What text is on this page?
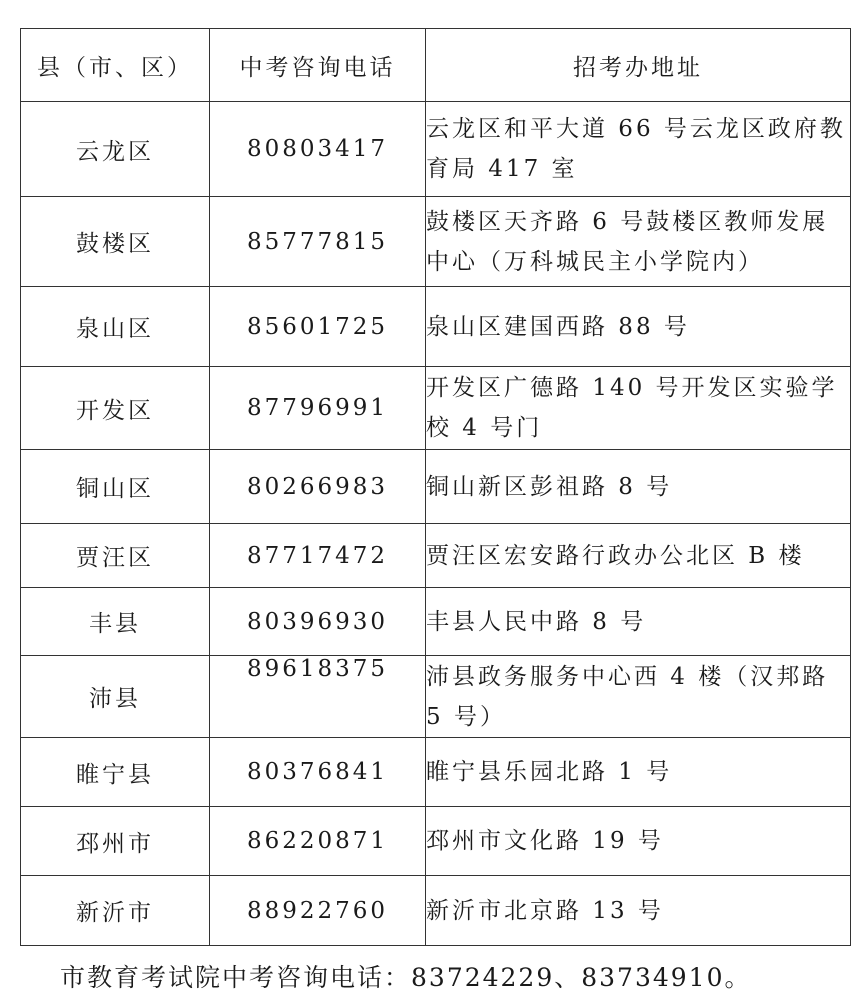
县（市、区）	中考咨询电话	招考办地址
云龙区	80803417	云龙区和平大道 66 号云龙区政府教育局 417 室
鼓楼区	85777815	鼓楼区天齐路 6 号鼓楼区教师发展中心（万科城民主小学院内）
泉山区	85601725	泉山区建国西路 88 号
开发区	87796991	开发区广德路 140 号开发区实验学校 4 号门
铜山区	80266983	铜山新区彭祖路 8 号
贾汪区	87717472	贾汪区宏安路行政办公北区 B 楼
丰县	80396930	丰县人民中路 8 号
沛县	89618375	沛县政务服务中心西 4 楼（汉邦路 5 号）
睢宁县	80376841	睢宁县乐园北路 1 号
邳州市	86220871	邳州市文化路 19 号
新沂市	88922760	新沂市北京路 13 号
市教育考试院中考咨询电话：83724229、83734910。
